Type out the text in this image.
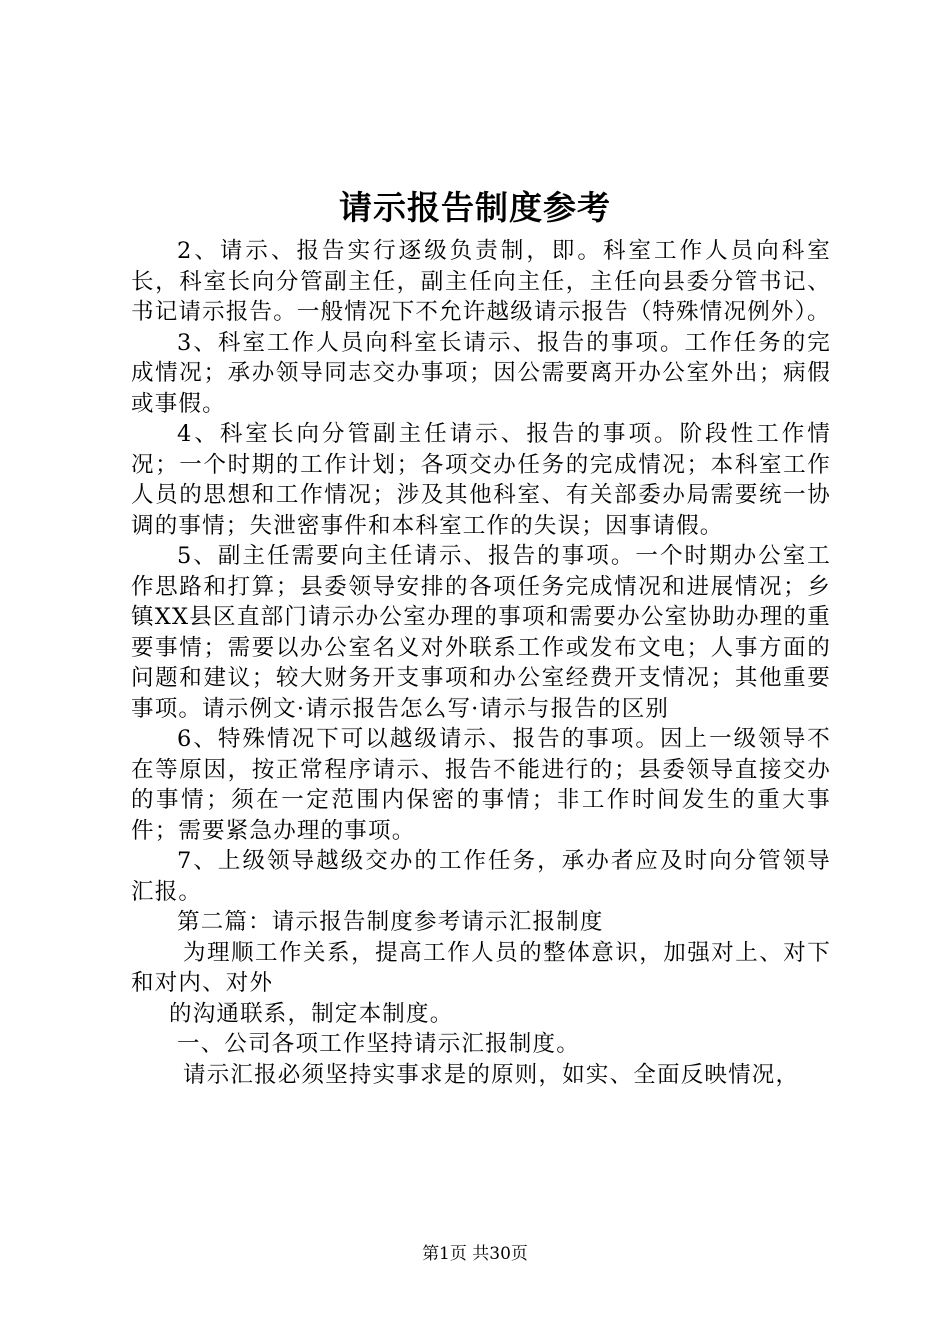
请示报告制度参考

2、请示、报告实行逐级负责制，即。科室工作人员向科室长，科室长向分管副主任，副主任向主任，主任向县委分管书记、书记请示报告。一般情况下不允许越级请示报告（特殊情况例外）。

3、科室工作人员向科室长请示、报告的事项。工作任务的完成情况；承办领导同志交办事项；因公需要离开办公室外出；病假或事假。

4、科室长向分管副主任请示、报告的事项。阶段性工作情况；一个时期的工作计划；各项交办任务的完成情况；本科室工作人员的思想和工作情况；涉及其他科室、有关部委办局需要统一协调的事情；失泄密事件和本科室工作的失误；因事请假。

5、副主任需要向主任请示、报告的事项。一个时期办公室工作思路和打算；县委领导安排的各项任务完成情况和进展情况；乡镇XX县区直部门请示办公室办理的事项和需要办公室协助办理的重要事情；需要以办公室名义对外联系工作或发布文电；人事方面的问题和建议；较大财务开支事项和办公室经费开支情况；其他重要事项。请示例文·请示报告怎么写·请示与报告的区别

6、特殊情况下可以越级请示、报告的事项。因上一级领导不在等原因，按正常程序请示、报告不能进行的；县委领导直接交办的事情；须在一定范围内保密的事情；非工作时间发生的重大事件；需要紧急办理的事项。

7、上级领导越级交办的工作任务，承办者应及时向分管领导汇报。

第二篇：请示报告制度参考请示汇报制度

为理顺工作关系，提高工作人员的整体意识，加强对上、对下和对内、对外

的沟通联系，制定本制度。

一、公司各项工作坚持请示汇报制度。

请示汇报必须坚持实事求是的原则，如实、全面反映情况，

第1页 共30页
